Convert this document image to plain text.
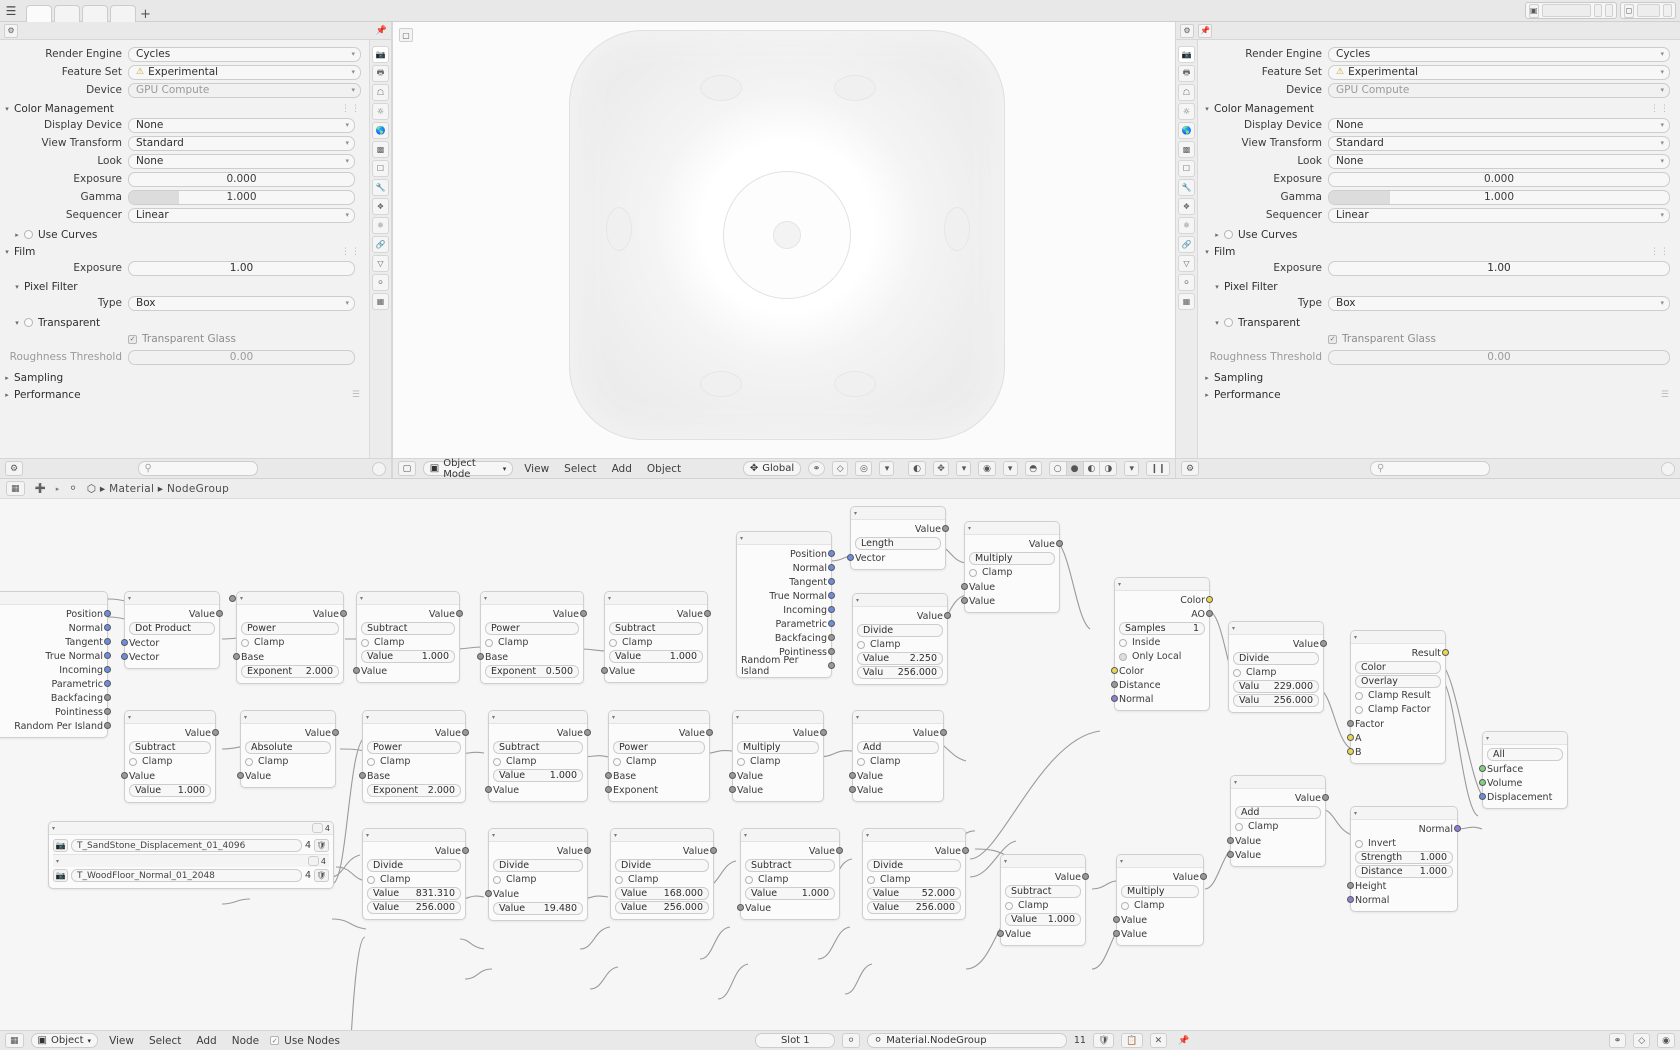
☰	+	▣	◻
⚙	📌
📷
🖶
☖
☼
🌎
▩
☐
🔧
❖
⚛
🔗
▽
⚪
▦
Render Engine	Cycles	▾
Feature Set	⚠ Experimental	▾
Device	GPU Compute	▾
▾ Color Management	⋮⋮
Display Device	None	▾
View Transform	Standard	▾
Look	None	▾
Exposure	0.000
Gamma	1.000
Sequencer	Linear	▾
▸	Use Curves
▾ Film	⋮⋮
Exposure	1.00
▾ Pixel Filter
Type	Box	▾
▾	Transparent
✓ Transparent Glass
Roughness Threshold	0.00
▸ Sampling
▸ Performance	☰
⚙	⚲
▢
▢	▣ Object Mode	▾	View	Select	Add	Object	✥ Global	⚭	◇	◎	▾	◐	✥	▾	◉	▾	◓	○	●	◐	◑	▾	❙❙
⚙	📌
📷
🖶
☖
☼
🌎
▩
☐
🔧
❖
⚛
🔗
▽
⚪
▦
Render Engine	Cycles	▾
Feature Set	⚠ Experimental	▾
Device	GPU Compute	▾
▾ Color Management	⋮⋮
Display Device	None	▾
View Transform	Standard	▾
Look	None	▾
Exposure	0.000
Gamma	1.000
Sequencer	Linear	▾
▸	Use Curves
▾ Film	⋮⋮
Exposure	1.00
▾ Pixel Filter
Type	Box	▾
▾	Transparent
✓ Transparent Glass
Roughness Threshold	0.00
▸ Sampling
▸ Performance	☰
⚙	⚲
▦	➕	▸	⚪ ⬡ ▸ Material ▸ NodeGroup
Position
Normal
Tangent
True Normal
Incoming
Parametric
Backfacing
Pointiness
Random Per Island
▾
Value
Dot Product
Vector
Vector
▾
Value
Power
Clamp
Base
Exponent 2.000
▾
Value
Subtract
Clamp
Value	1.000
Value
▾
Value
Power
Clamp
Base
Exponent 0.500
▾
Value
Subtract
Clamp
Value	1.000
Value
▾
Position
Normal
Tangent
True Normal
Incoming
Parametric
Backfacing
Pointiness
Random Per Island
▾
Value
Length
Vector
▾
Value
Multiply
Clamp
Value
Value
▾
Value
Divide
Clamp
Value 2.250
Valu 256.000
▾
Color
AO
Samples	1
Inside
Only Local
Color
Distance
Normal
▾
Value
Divide
Clamp
Valu 229.000
Valu 256.000
▾
Result
Color
Overlay
Clamp Result
Clamp Factor
Factor
A
B
▾
All
Surface
Volume
Displacement
▾
Normal
Invert
Strength 1.000
Distance 1.000
Height
Normal
▾
Value
Subtract
Clamp
Value
Value 1.000
▾
Value
Absolute
Clamp
Value
▾
Value
Power
Clamp
Base
Exponent 2.000
▾
Value
Subtract
Clamp
Value	1.000
Value
▾
Value
Power
Clamp
Base
Exponent
▾
Value
Multiply
Clamp
Value
Value
▾
Value
Add
Clamp
Value
Value
▾
Value
Add
Clamp
Value
Value
▾	4
📷	T_SandStone_Displacement_01_4096	4 🛡
▾	4
📷	T_WoodFloor_Normal_01_2048	4 🛡
▾
Value
Divide
Clamp
Value 831.310
Value 256.000
▾
Value
Divide
Clamp
Value
Value 19.480
▾
Value
Divide
Clamp
Value 168.000
Value 256.000
▾
Value
Subtract
Clamp
Value	1.000
Value
▾
Value
Divide
Clamp
Value 52.000
Value 256.000
▾
Value
Subtract
Clamp
Value 1.000
Value
▾
Value
Multiply
Clamp
Value
Value
▦	▣ Object ▾	View	Select	Add	Node	✓ Use Nodes	Slot 1	⚪	⚪ Material.NodeGroup	11	🛡	📋	✕	📌	⚭	◇	◉
